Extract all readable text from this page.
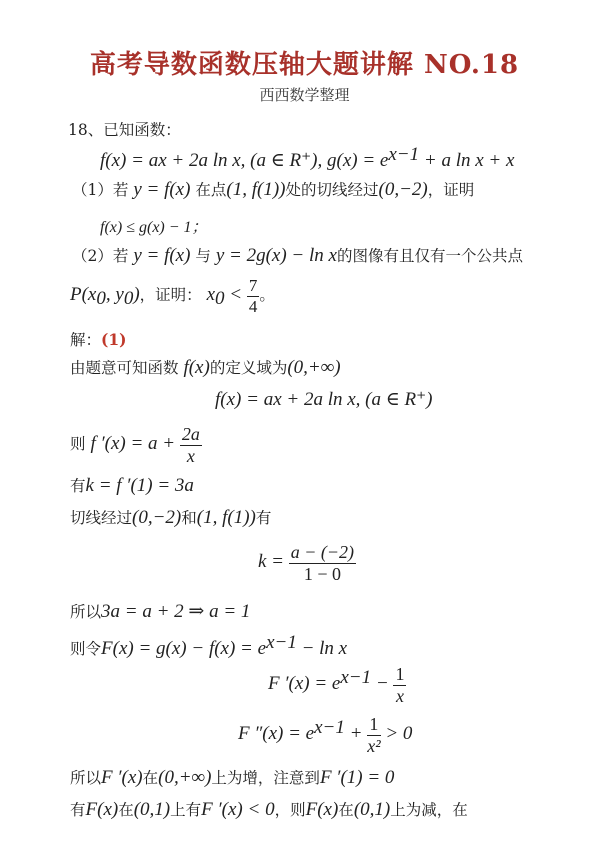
高考导数函数压轴大题讲解 NO.18
西西数学整理
18、已知函数：
f(x) = ax + 2a ln x, (a ∈ R⁺), $g(x) = e^{x-1} + a$ ln x + x
（1）若 y = f(x) 在点(1, f(1))处的切线经过(0,−2)，证明
f(x) ≤ g(x) − 1；
（2）若 y = f(x) 与 y = 2g(x) − ln x的图像有且仅有一个公共点
$P(x_0$, $y_0$)，证明： $x_0 < \frac{7}{4}$ 。
解：(1)
由题意可知函数 f(x)的定义域为(0,+∞)
f(x) = ax + 2a ln x, (a ∈ R⁺)
则 f $'(x) = a + \frac{2a}{x}$
有k = f ′(1) = 3a
切线经过(0,−2)和(1, f(1))有
$k = \frac{a - (-2)}{1 - 0}$
所以3a = a + 2 ⇒ a = 1
则令$F(x) = g(x) - f(x) = e^{x-1} - \ln x$
F $'(x) = e^{x-1} - \frac{1}{x}$
F $''(x) = e^{x-1} + \frac{1}{\text{x²}} > 0$
所以F ′(x)在(0,+∞)上为增，注意到F ′(1) = 0
有F(x)在(0,1)上有F ′(x) < 0，则F(x)在(0,1)上为减，在
